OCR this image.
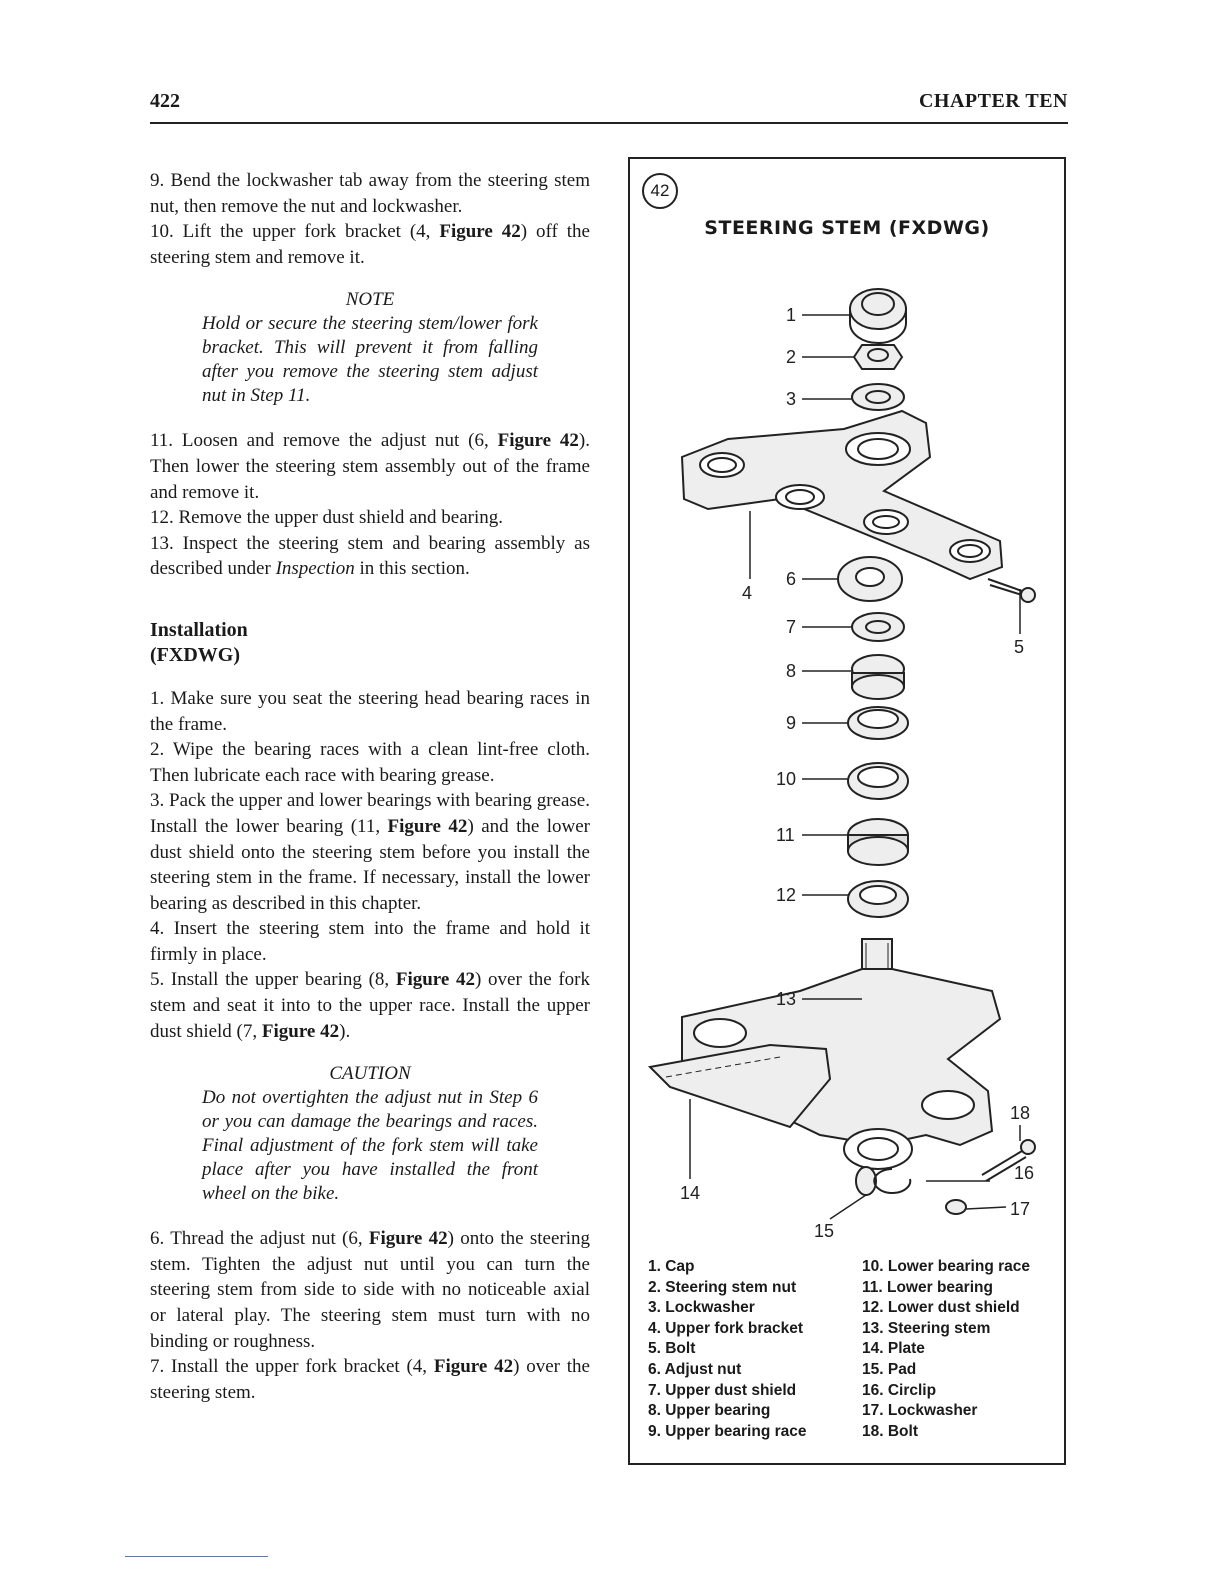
422	CHAPTER TEN

9. Bend the lockwasher tab away from the steering stem nut, then remove the nut and lockwasher.

10. Lift the upper fork bracket (4, Figure 42) off the steering stem and remove it.

NOTE
Hold or secure the steering stem/lower fork bracket. This will prevent it from falling after you remove the steering stem adjust nut in Step 11.

11. Loosen and remove the adjust nut (6, Figure 42). Then lower the steering stem assembly out of the frame and remove it.

12. Remove the upper dust shield and bearing.

13. Inspect the steering stem and bearing assembly as described under Inspection in this section.

Installation
(FXDWG)

1. Make sure you seat the steering head bearing races in the frame.

2. Wipe the bearing races with a clean lint-free cloth. Then lubricate each race with bearing grease.

3. Pack the upper and lower bearings with bearing grease. Install the lower bearing (11, Figure 42) and the lower dust shield onto the steering stem before you install the steering stem in the frame. If necessary, install the lower bearing as described in this chapter.

4. Insert the steering stem into the frame and hold it firmly in place.

5. Install the upper bearing (8, Figure 42) over the fork stem and seat it into to the upper race. Install the upper dust shield (7, Figure 42).

CAUTION
Do not overtighten the adjust nut in Step 6 or you can damage the bearings and races. Final adjustment of the fork stem will take place after you have installed the front wheel on the bike.

6. Thread the adjust nut (6, Figure 42) onto the steering stem. Tighten the adjust nut until you can turn the steering stem from side to side with no noticeable axial or lateral play. The steering stem must turn with no binding or roughness.

7. Install the upper fork bracket (4, Figure 42) over the steering stem.

42
STEERING STEM (FXDWG)
1
2
3
4
5
6
7
8
9
10
11
12
13
14
15
16
17
18
1. Cap
2. Steering stem nut
3. Lockwasher
4. Upper fork bracket
5. Bolt
6. Adjust nut
7. Upper dust shield
8. Upper bearing
9. Upper bearing race
10. Lower bearing race
11. Lower bearing
12. Lower dust shield
13. Steering stem
14. Plate
15. Pad
16. Circlip
17. Lockwasher
18. Bolt
